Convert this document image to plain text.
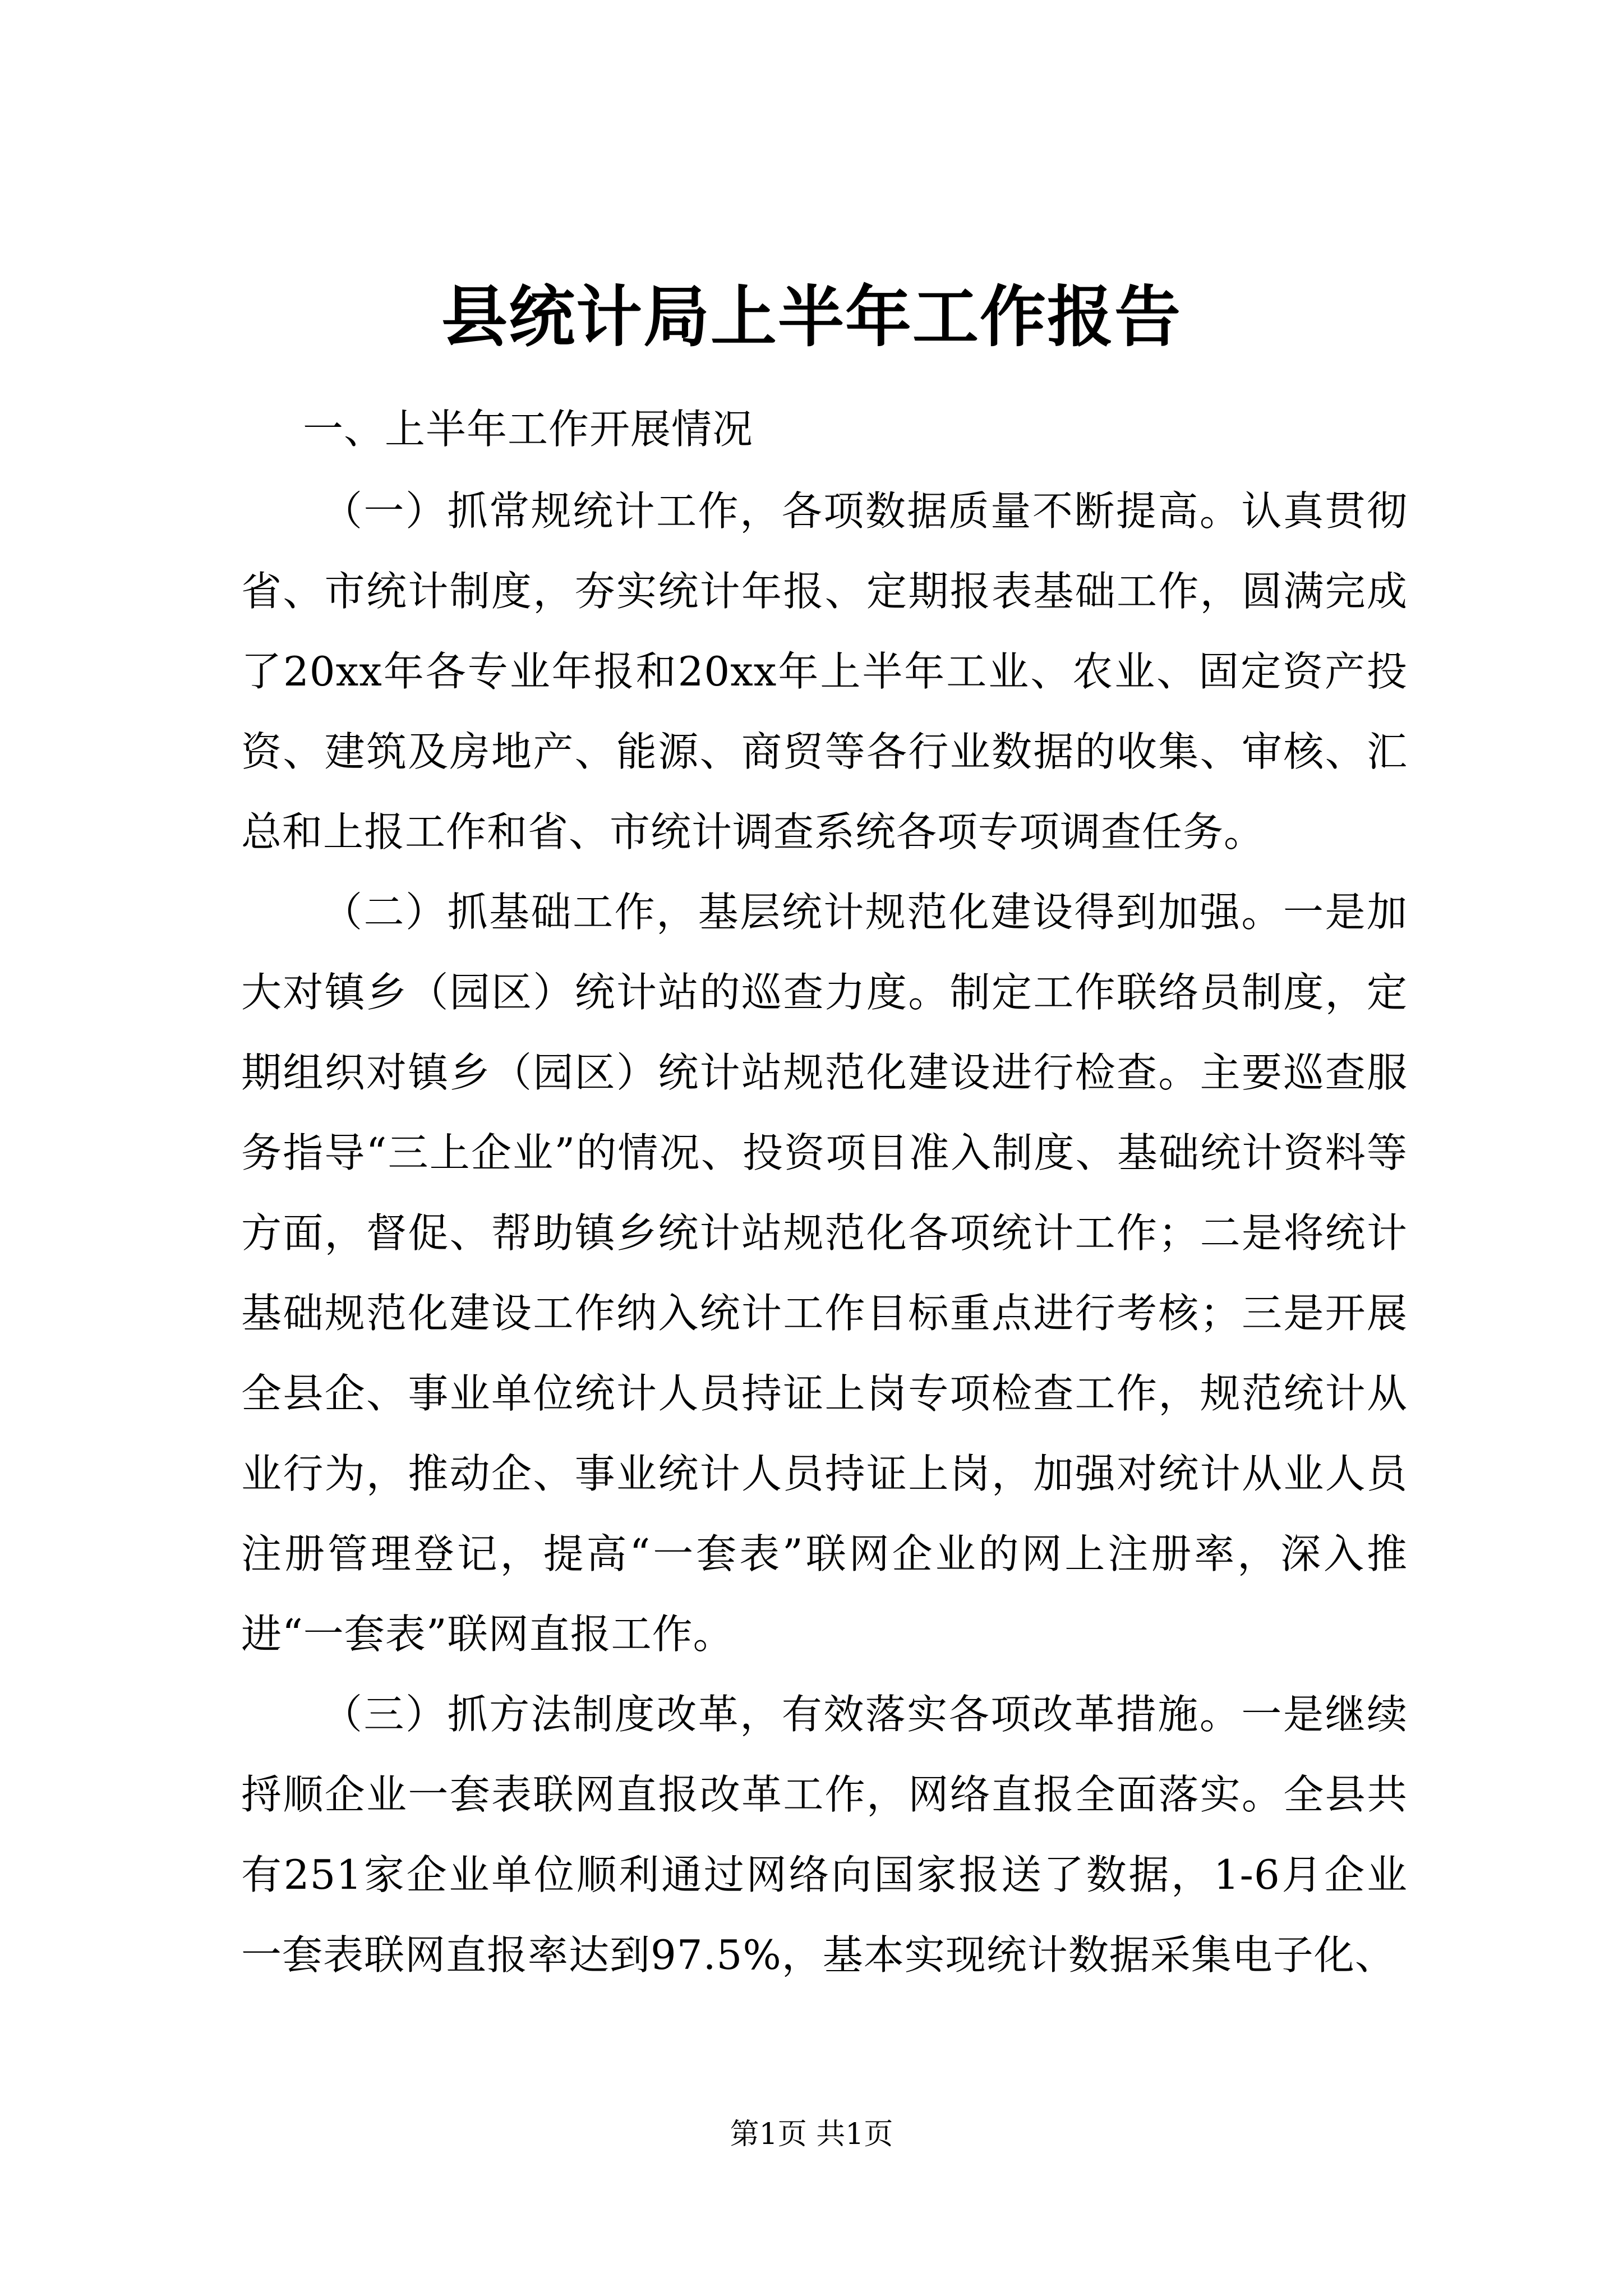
县统计局上半年工作报告

一、上半年工作开展情况

（一）抓常规统计工作，各项数据质量不断提高。认真贯彻省、市统计制度，夯实统计年报、定期报表基础工作，圆满完成了20xx年各专业年报和20xx年上半年工业、农业、固定资产投资、建筑及房地产、能源、商贸等各行业数据的收集、审核、汇总和上报工作和省、市统计调查系统各项专项调查任务。

（二）抓基础工作，基层统计规范化建设得到加强。一是加大对镇乡（园区）统计站的巡查力度。制定工作联络员制度，定期组织对镇乡（园区）统计站规范化建设进行检查。主要巡查服务指导“三上企业”的情况、投资项目准入制度、基础统计资料等方面，督促、帮助镇乡统计站规范化各项统计工作；二是将统计基础规范化建设工作纳入统计工作目标重点进行考核；三是开展全县企、事业单位统计人员持证上岗专项检查工作，规范统计从业行为，推动企、事业统计人员持证上岗，加强对统计从业人员注册管理登记，提高“一套表”联网企业的网上注册率，深入推进“一套表”联网直报工作。

（三）抓方法制度改革，有效落实各项改革措施。一是继续捋顺企业一套表联网直报改革工作，网络直报全面落实。全县共有251家企业单位顺利通过网络向国家报送了数据，1-6月企业一套表联网直报率达到97.5%，基本实现统计数据采集电子化、

第1页 共1页
